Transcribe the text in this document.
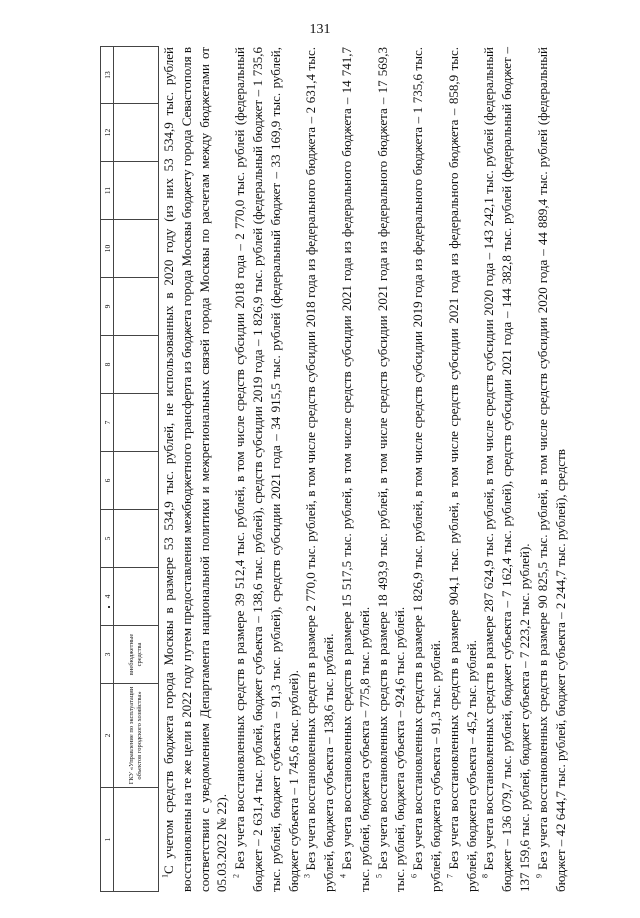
131
1	2	3	4	5	6	7	8	9	10	11	12	13
	ГКУ «Управление по эксплуатации объектов городского хозяйства»	внебюджетные средства										

$^1$С учетом средств бюджета города Москвы в размере 53 534,9 тыс. рублей, не использованных в 2020 году (из них 53 534,9 тыс. рублей восстановлены на те же цели в 2022 году путем предоставления межбюджетного трансферта из бюджета города Москвы бюджету города Севастополя в соответствии с уведомлением Департамента национальной политики и межрегиональных связей города Москвы по расчетам между бюджетами от 05.03.2022 № 22). $^2$ Без учета восстановленных средств в размере 39 512,4 тыс. рублей, в том числе средств субсидии 2018 года – 2 770,0 тыс. рублей (федеральный бюджет – 2 631,4 тыс. рублей, бюджет субъекта – 138,6 тыс. рублей), средств субсидии 2019 года – 1 826,9 тыс. рублей (федеральный бюджет – 1 735,6 тыс. рублей, бюджет субъекта – 91,3 тыс. рублей), средств субсидии 2021 года – 34 915,5 тыс. рублей (федеральный бюджет – 33 169,9 тыс. рублей, бюджет субъекта – 1 745,6 тыс. рублей). $^3$ Без учета восстановленных средств в размере 2 770,0 тыс. рублей, в том числе средств субсидии 2018 года из федерального бюджета – 2 631,4 тыс. рублей, бюджета субъекта – 138,6 тыс. рублей. $^4$ Без учета восстановленных средств в размере 15 517,5 тыс. рублей, в том числе средств субсидии 2021 года из федерального бюджета – 14 741,7 тыс. рублей, бюджета субъекта – 775,8 тыс. рублей. $^5$ Без учета восстановленных средств в размере 18 493,9 тыс. рублей, в том числе средств субсидии 2021 года из федерального бюджета – 17 569,3 тыс. рублей, бюджета субъекта – 924,6 тыс. рублей. $^6$ Без учета восстановленных средств в размере 1 826,9 тыс. рублей, в том числе средств субсидии 2019 года из федерального бюджета – 1 735,6 тыс. рублей, бюджета субъекта – 91,3 тыс. рублей. $^7$ Без учета восстановленных средств в размере 904,1 тыс. рублей, в том числе средств субсидии 2021 года из федерального бюджета – 858,9 тыс. рублей, бюджета субъекта – 45,2 тыс. рублей. $^8$ Без учета восстановленных средств в размере 287 624,9 тыс. рублей, в том числе средств субсидии 2020 года – 143 242,1 тыс. рублей (федеральный бюджет – 136 079,7 тыс. рублей, бюджет субъекта – 7 162,4 тыс. рублей), средств субсидии 2021 года – 144 382,8 тыс. рублей (федеральный бюджет – 137 159,6 тыс. рублей, бюджет субъекта – 7 223,2 тыс. рублей). $^9$ Без учета восстановленных средств в размере 90 825,5 тыс. рублей, в том числе средств субсидии 2020 года – 44 889,4 тыс. рублей (федеральный бюджет – 42 644,7 тыс. рублей, бюджет субъекта – 2 244,7 тыс. рублей), средств
